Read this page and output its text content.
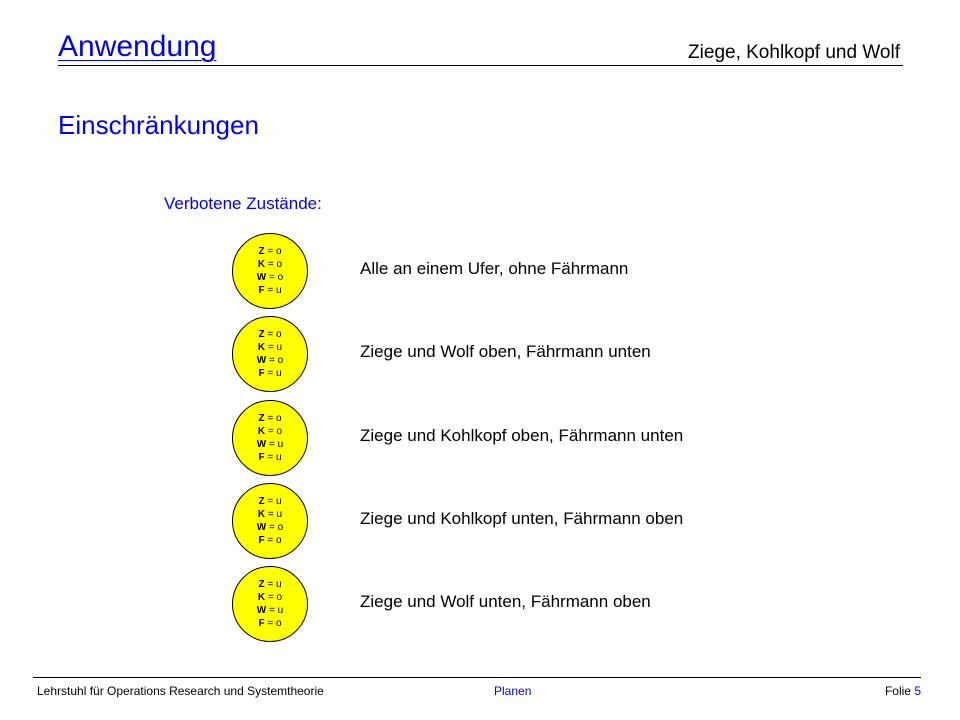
Anwendung	Ziege, Kohlkopf und Wolf
Einschränkungen
Verbotene Zustände:
Z = o
K = o
W = o
F = u
Alle an einem Ufer, ohne Fährmann
Z = o
K = u
W = o
F = u
Ziege und Wolf oben, Fährmann unten
Z = o
K = o
W = u
F = u
Ziege und Kohlkopf oben, Fährmann unten
Z = u
K = u
W = o
F = o
Ziege und Kohlkopf unten, Fährmann oben
Z = u
K = o
W = u
F = o
Ziege und Wolf unten, Fährmann oben
Lehrstuhl für Operations Research und Systemtheorie	Planen	Folie 5
